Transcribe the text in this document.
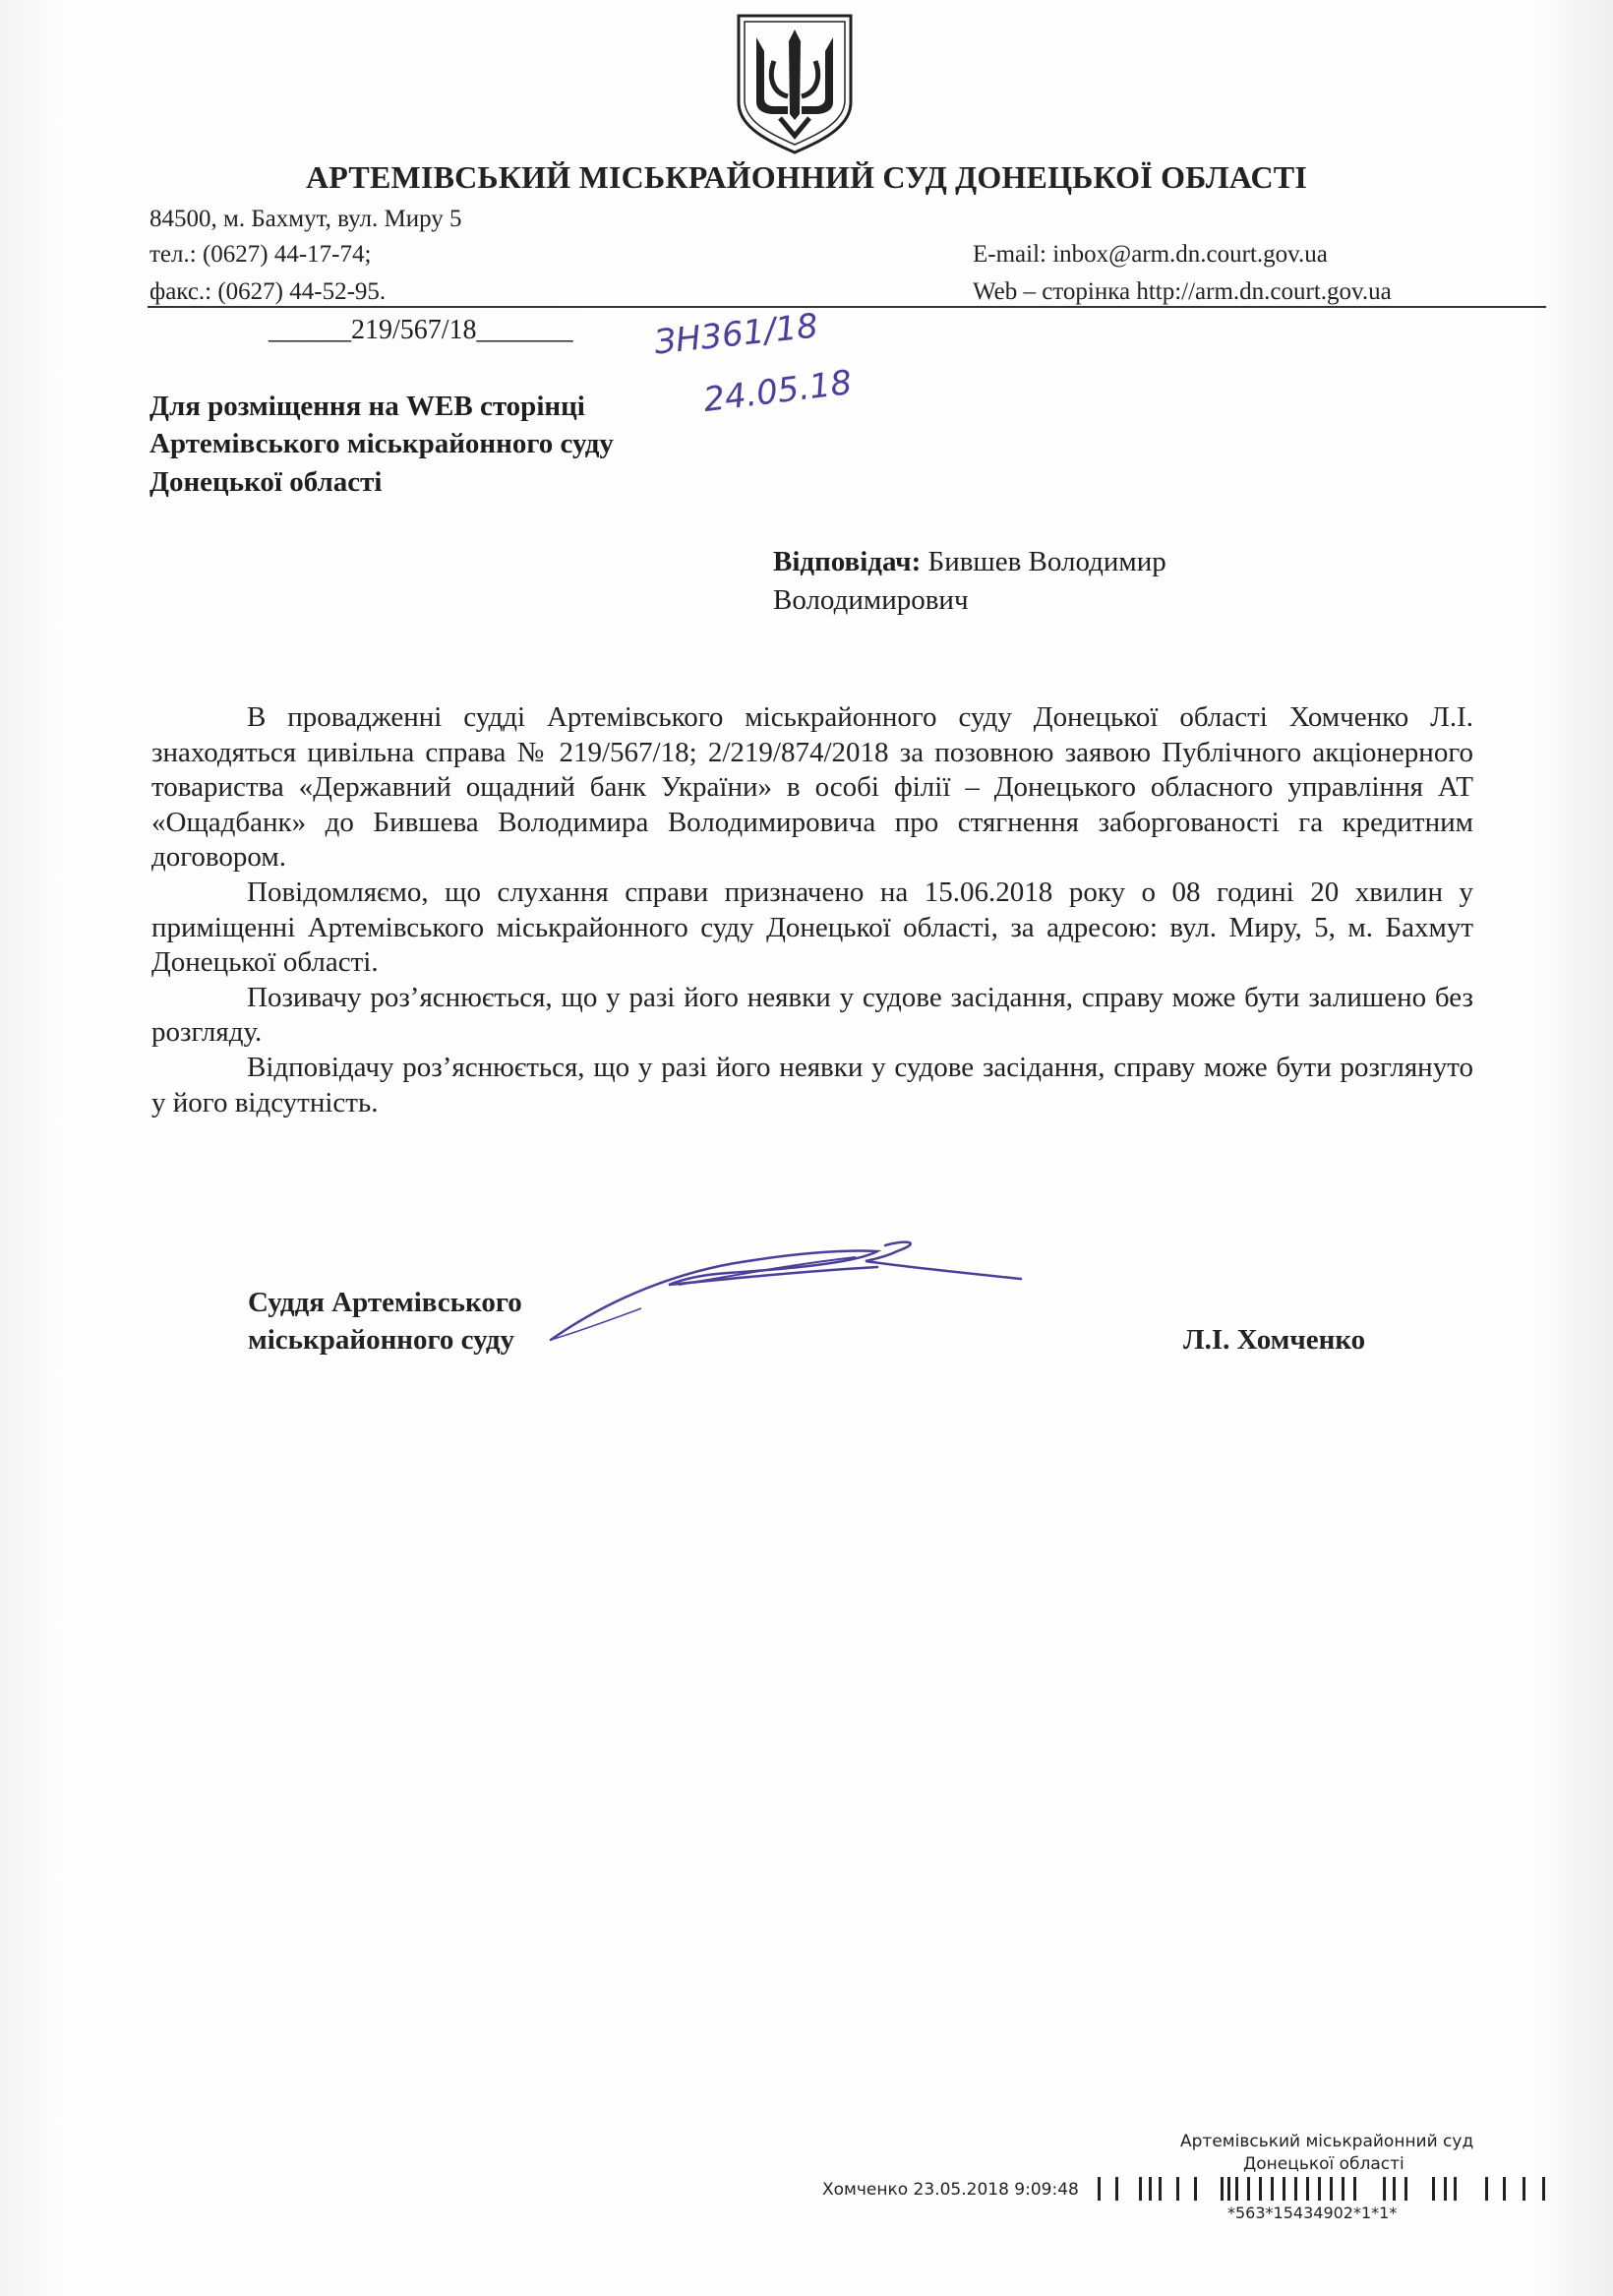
АРТЕМІВСЬКИЙ МІСЬКРАЙОННИЙ СУД ДОНЕЦЬКОЇ ОБЛАСТІ
84500, м. Бахмут, вул. Миру 5
тел.: (0627) 44-17-74;
факс.: (0627) 44-52-95.
E-mail: inbox@arm.dn.court.gov.ua
Web – сторінка http://arm.dn.court.gov.ua
______219/567/18_______ ЗН361/18
24.05.18
Для розміщення на WEB сторінці
Артемівського міськрайонного суду
Донецької області
Відповідач: Бившев Володимир
Володимирович

В провадженні судді Артемівського міськрайонного суду Донецької області Хомченко Л.І. знаходяться цивільна справа № 219/567/18; 2/219/874/2018 за позовною заявою Публічного акціонерного товариства «Державний ощадний банк України» в особі філії – Донецького обласного управління АТ «Ощадбанк» до Бившева Володимира Володимировича про стягнення заборгованості га кредитним договором.

Повідомляємо, що слухання справи призначено на 15.06.2018 року о 08 годині 20 хвилин у приміщенні Артемівського міськрайонного суду Донецької області, за адресою: вул. Миру, 5, м. Бахмут Донецької області.

Позивачу роз’яснюється, що у разі його неявки у судове засідання, справу може бути залишено без розгляду.

Відповідачу роз’яснюється, що у разі його неявки у судове засідання, справу може бути розглянуто у його відсутність.

Суддя Артемівського
міськрайонного суду	Л.І. Хомченко
Артемівський міськрайонний суд
Донецької області
Хомченко 23.05.2018 9:09:48
*563*15434902*1*1*
